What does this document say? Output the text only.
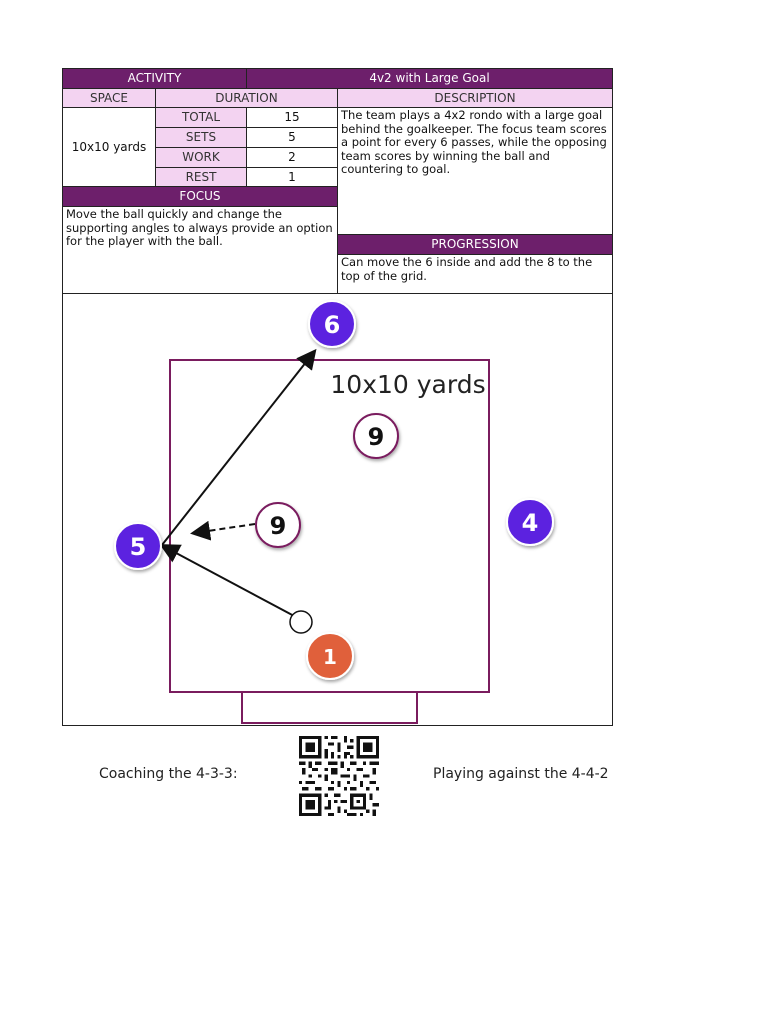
ACTIVITY	4v2 with Large Goal
SPACE	DURATION	DESCRIPTION
10x10 yards
TOTAL	15
SETS	5
WORK	2
REST	1
The team plays a 4x2 rondo with a large goal behind the goalkeeper. The focus team scores a point for every 6 passes, while the opposing team scores by winning the ball and countering to goal.
FOCUS
Move the ball quickly and change the supporting angles to always provide an option for the player with the ball.	PROGRESSION
Can move the 6 inside and add the 8 to the top of the grid.
10x10 yards
6
5
4
9
9
1
Coaching the 4-3-3:	Playing against the 4-4-2
